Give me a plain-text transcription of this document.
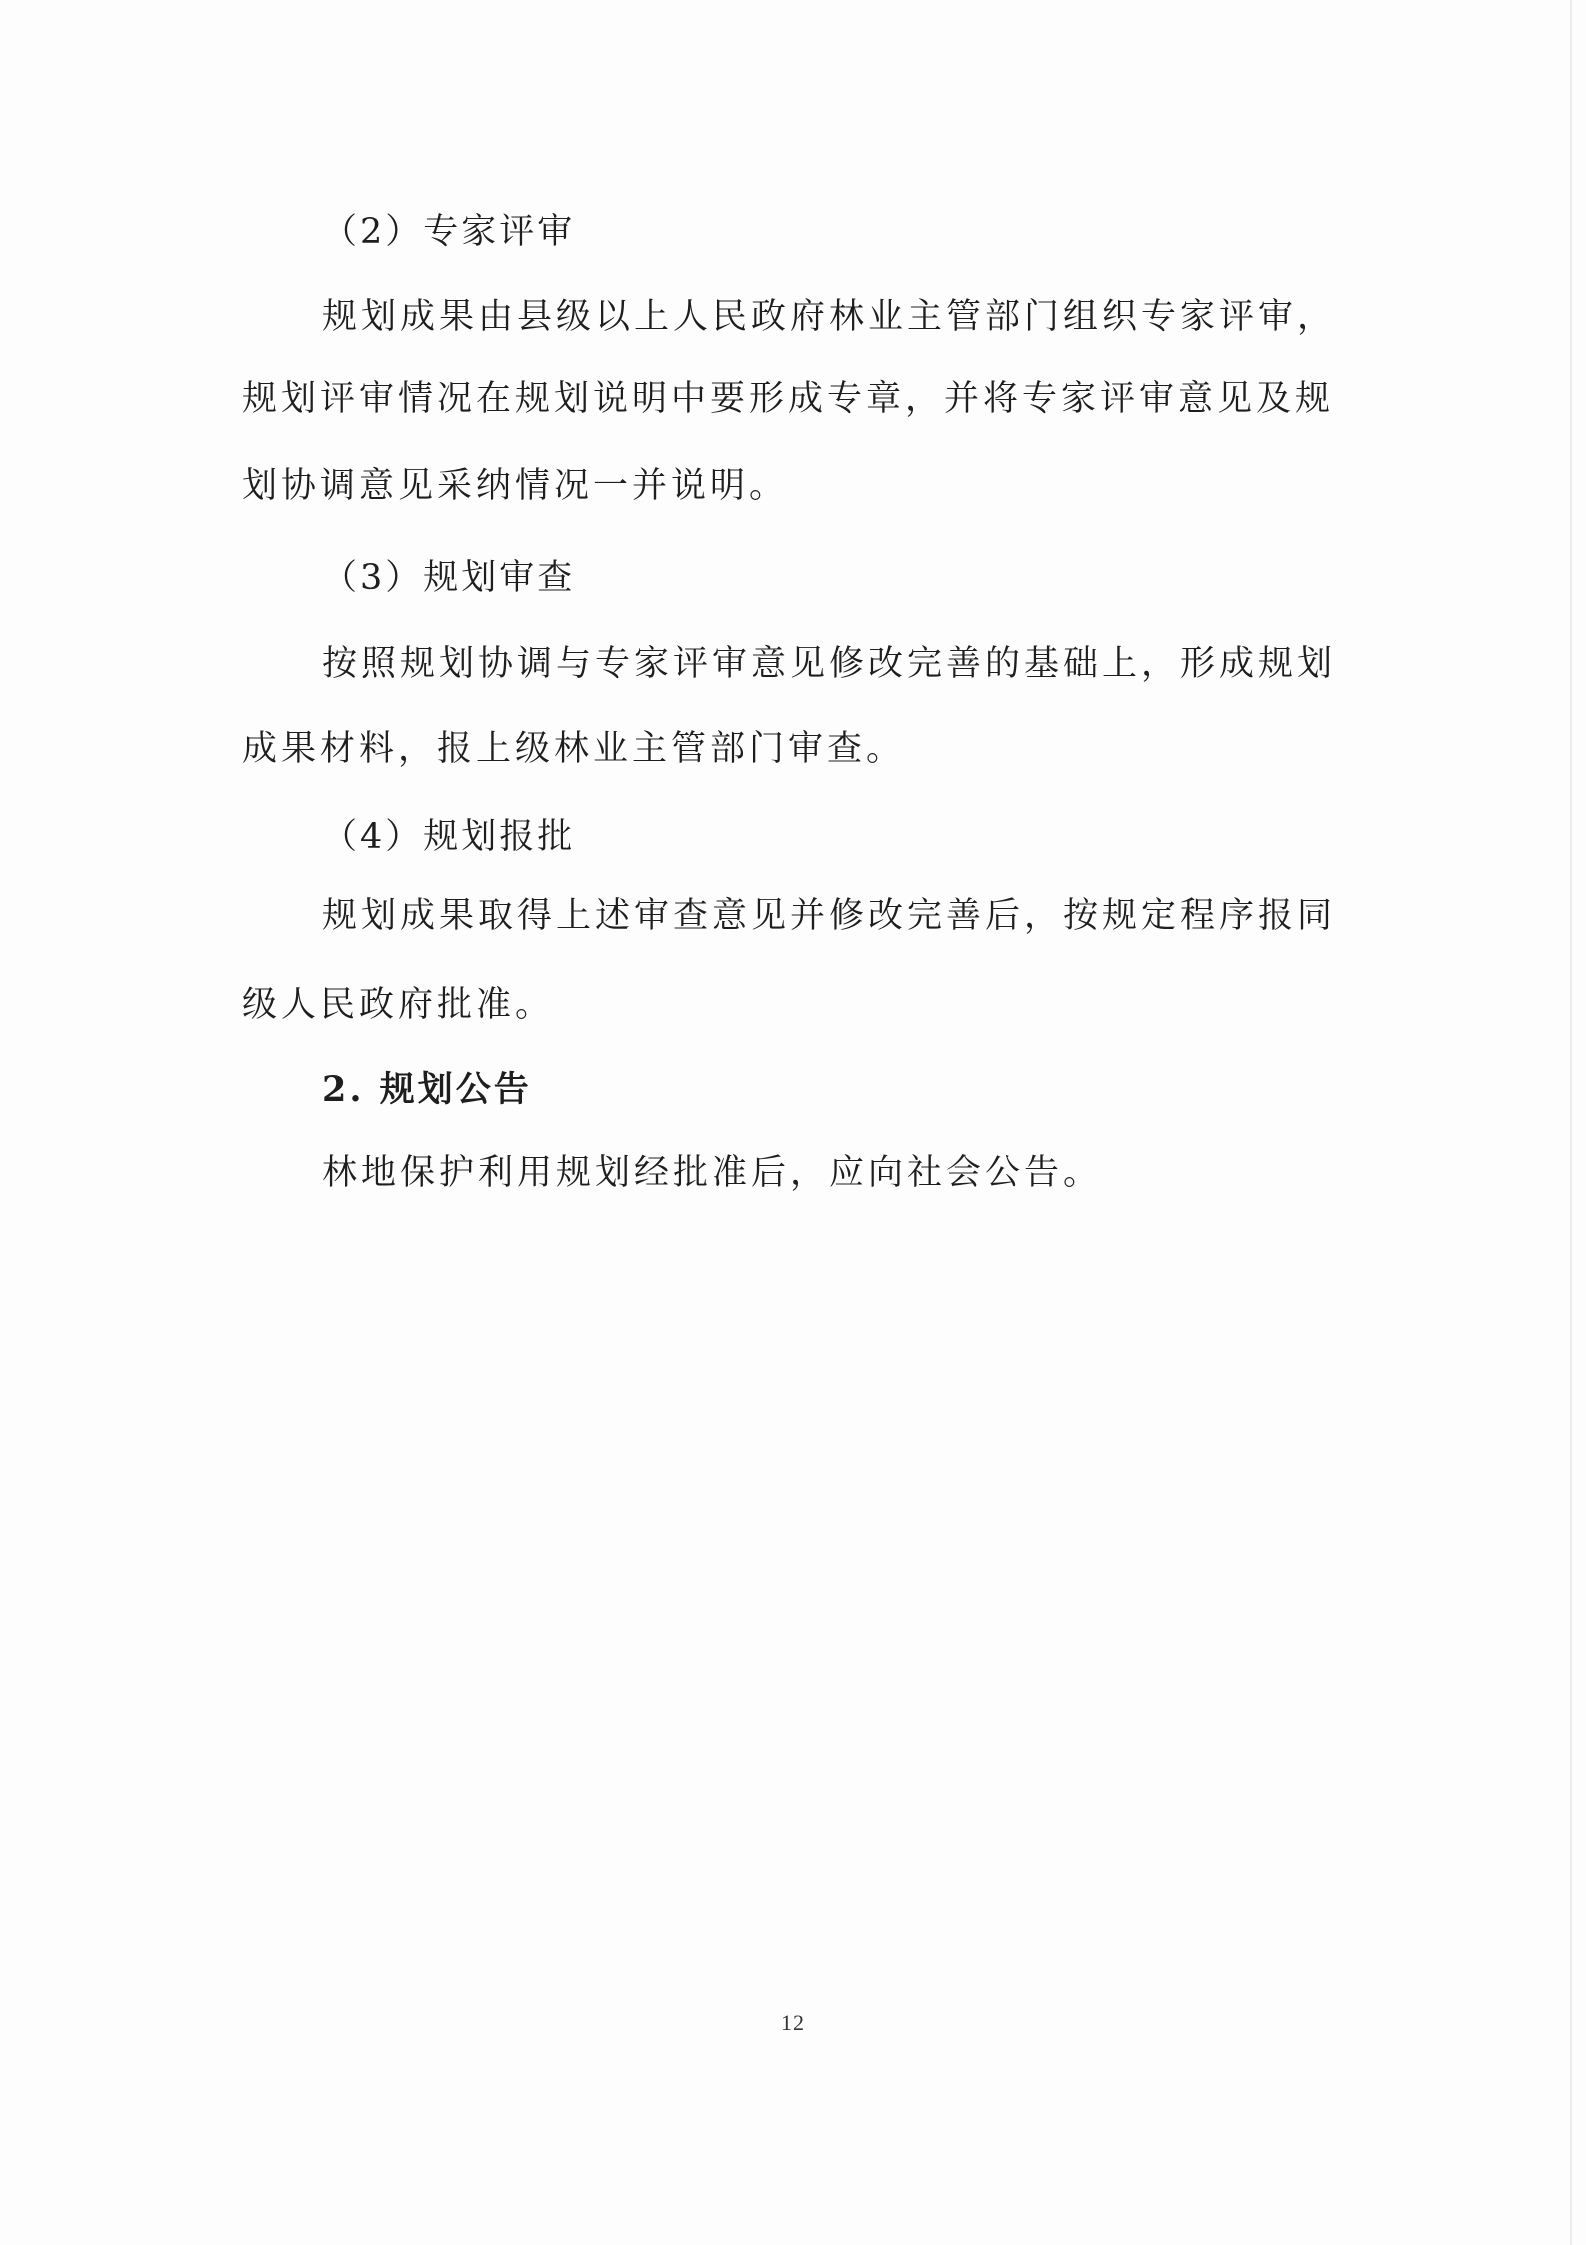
（2）专家评审

规划成果由县级以上人民政府林业主管部门组织专家评审，

规划评审情况在规划说明中要形成专章，并将专家评审意见及规

划协调意见采纳情况一并说明。

（3）规划审查

按照规划协调与专家评审意见修改完善的基础上，形成规划

成果材料，报上级林业主管部门审查。

（4）规划报批

规划成果取得上述审查意见并修改完善后，按规定程序报同

级人民政府批准。

2. 规划公告

林地保护利用规划经批准后，应向社会公告。

12
